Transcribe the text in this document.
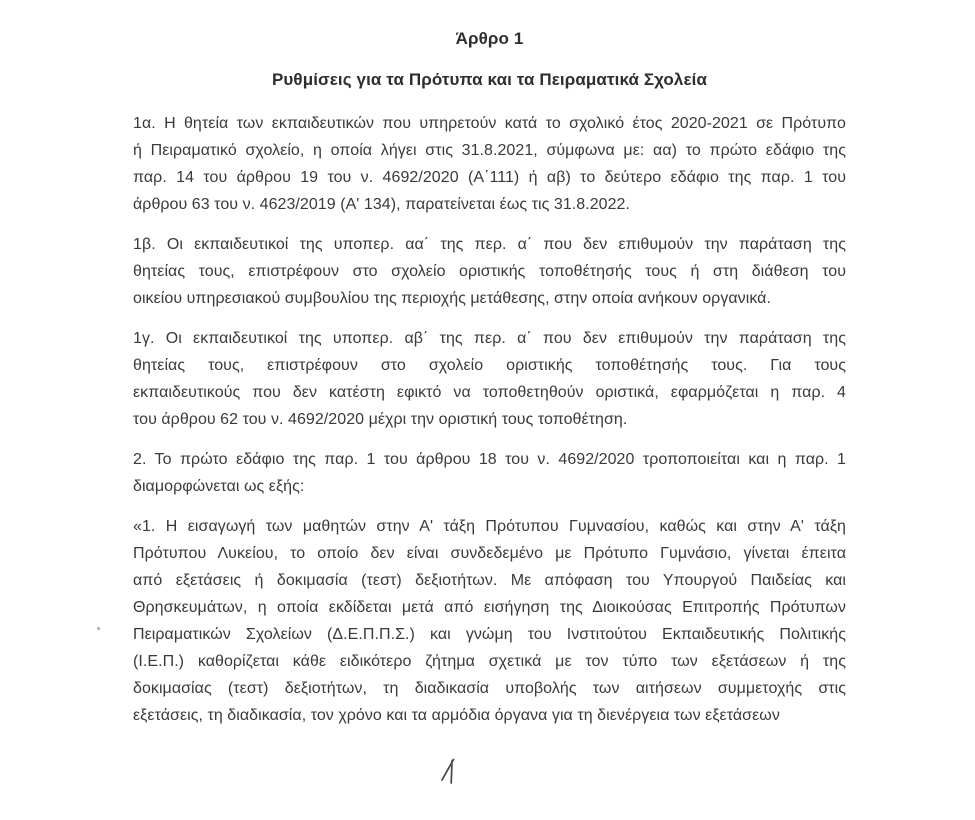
Άρθρο 1
Ρυθμίσεις για τα Πρότυπα και τα Πειραματικά Σχολεία
1α. Η θητεία των εκπαιδευτικών που υπηρετούν κατά το σχολικό έτος 2020-2021 σε Πρότυπο
ή Πειραματικό σχολείο, η οποία λήγει στις 31.8.2021, σύμφωνα με: αα) το πρώτο εδάφιο της
παρ. 14 του άρθρου 19 του ν. 4692/2020 (Α΄111) ή αβ) το δεύτερο εδάφιο της παρ. 1 του
άρθρου 63 του ν. 4623/2019 (Α' 134), παρατείνεται έως τις 31.8.2022.
1β. Οι εκπαιδευτικοί της υποπερ. αα΄ της περ. α΄ που δεν επιθυμούν την παράταση της
θητείας τους, επιστρέφουν στο σχολείο οριστικής τοποθέτησής τους ή στη διάθεση του
οικείου υπηρεσιακού συμβουλίου της περιοχής μετάθεσης, στην οποία ανήκουν οργανικά.
1γ. Οι εκπαιδευτικοί της υποπερ. αβ΄ της περ. α΄ που δεν επιθυμούν την παράταση της
θητείας τους, επιστρέφουν στο σχολείο οριστικής τοποθέτησής τους. Για τους
εκπαιδευτικούς που δεν κατέστη εφικτό να τοποθετηθούν οριστικά, εφαρμόζεται η παρ. 4
του άρθρου 62 του ν. 4692/2020 μέχρι την οριστική τους τοποθέτηση.
2. Το πρώτο εδάφιο της παρ. 1 του άρθρου 18 του ν. 4692/2020 τροποποιείται και η παρ. 1
διαμορφώνεται ως εξής:
«1. Η εισαγωγή των μαθητών στην Α' τάξη Πρότυπου Γυμνασίου, καθώς και στην Α' τάξη
Πρότυπου Λυκείου, το οποίο δεν είναι συνδεδεμένο με Πρότυπο Γυμνάσιο, γίνεται έπειτα
από εξετάσεις ή δοκιμασία (τεστ) δεξιοτήτων. Με απόφαση του Υπουργού Παιδείας και
Θρησκευμάτων, η οποία εκδίδεται μετά από εισήγηση της Διοικούσας Επιτροπής Πρότυπων
Πειραματικών Σχολείων (Δ.Ε.Π.Π.Σ.) και γνώμη του Ινστιτούτου Εκπαιδευτικής Πολιτικής
(Ι.Ε.Π.) καθορίζεται κάθε ειδικότερο ζήτημα σχετικά με τον τύπο των εξετάσεων ή της
δοκιμασίας (τεστ) δεξιοτήτων, τη διαδικασία υποβολής των αιτήσεων συμμετοχής στις
εξετάσεις, τη διαδικασία, τον χρόνο και τα αρμόδια όργανα για τη διενέργεια των εξετάσεων
